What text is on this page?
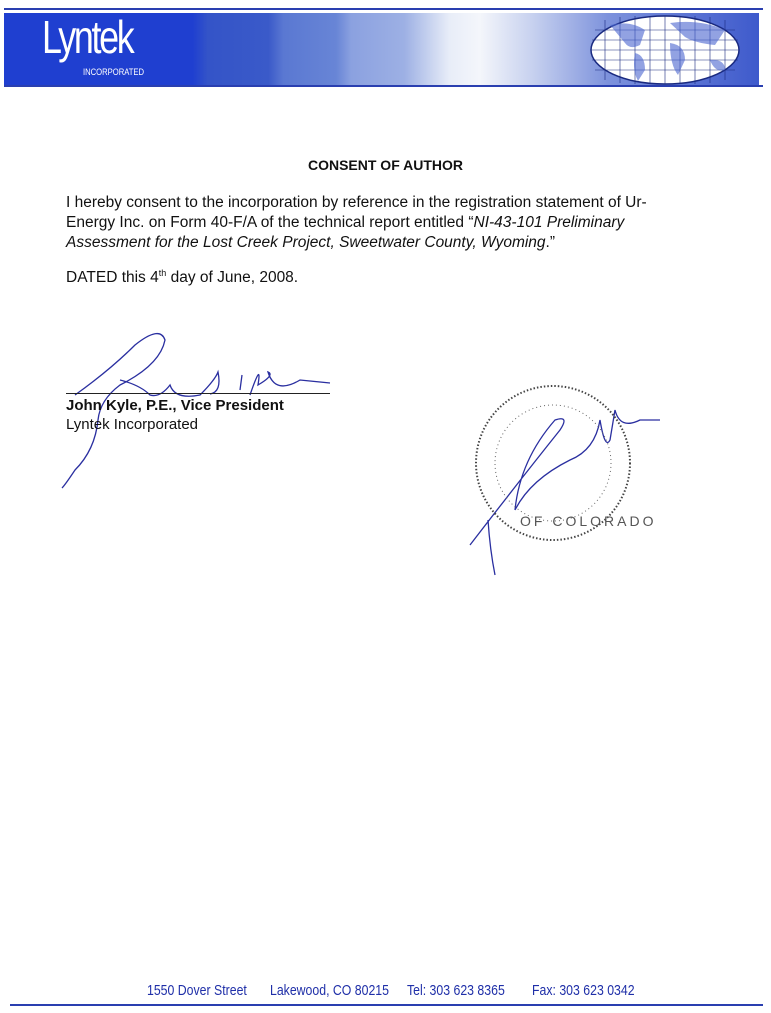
Lyntek
INCORPORATED
CONSENT OF AUTHOR
I hereby consent to the incorporation by reference in the registration statement of Ur-Energy Inc. on Form 40-F/A of the technical report entitled “NI-43-101 Preliminary Assessment for the Lost Creek Project, Sweetwater County, Wyoming.”
DATED this 4th day of June, 2008.
OF COLORADO
John Kyle, P.E., Vice President
Lyntek Incorporated
1550 Dover Street Lakewood, CO 80215 Tel: 303 623 8365 Fax: 303 623 0342
